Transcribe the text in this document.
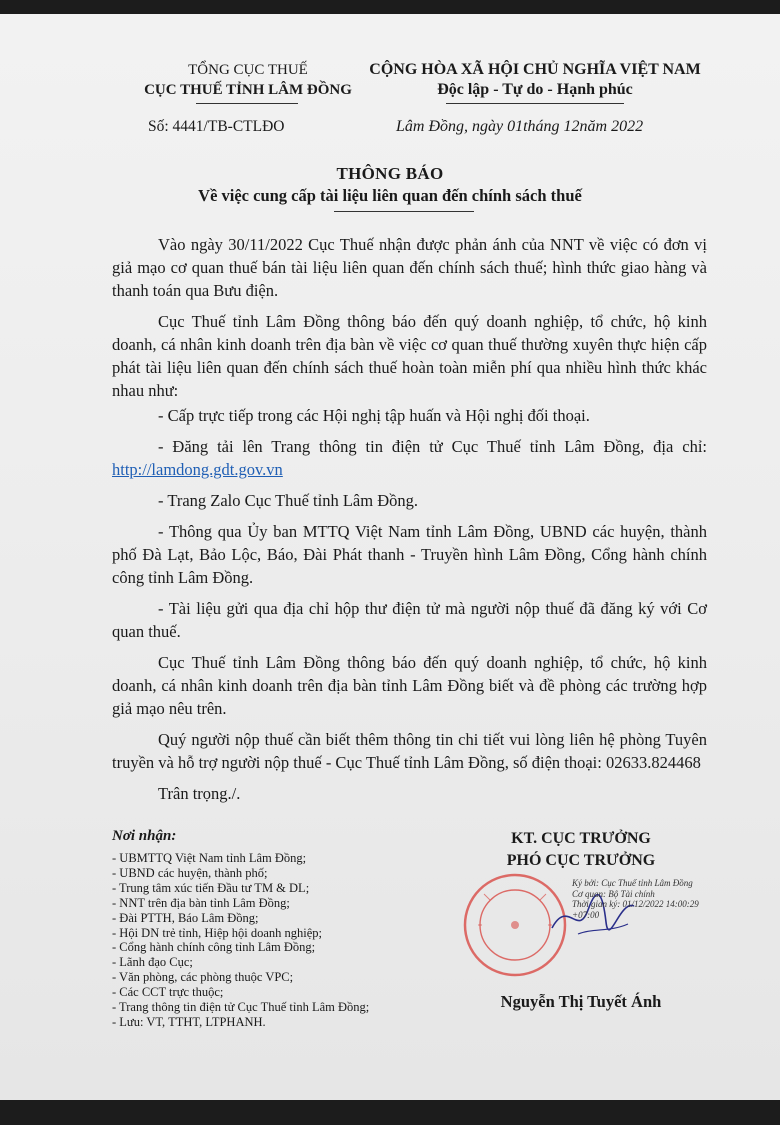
TỔNG CỤC THUẾ
CỤC THUẾ TỈNH LÂM ĐỒNG
CỘNG HÒA XÃ HỘI CHỦ NGHĨA VIỆT NAM
Độc lập - Tự do - Hạnh phúc
Số: 4441/TB-CTLĐO	Lâm Đồng, ngày 01tháng 12năm 2022
THÔNG BÁO
Về việc cung cấp tài liệu liên quan đến chính sách thuế

Vào ngày 30/11/2022 Cục Thuế nhận được phản ánh của NNT về việc có đơn vị giả mạo cơ quan thuế bán tài liệu liên quan đến chính sách thuế; hình thức giao hàng và thanh toán qua Bưu điện.

Cục Thuế tỉnh Lâm Đồng thông báo đến quý doanh nghiệp, tổ chức, hộ kinh doanh, cá nhân kinh doanh trên địa bàn về việc cơ quan thuế thường xuyên thực hiện cấp phát tài liệu liên quan đến chính sách thuế hoàn toàn miễn phí qua nhiều hình thức khác nhau như:

- Cấp trực tiếp trong các Hội nghị tập huấn và Hội nghị đối thoại.

- Đăng tải lên Trang thông tin điện tử Cục Thuế tỉnh Lâm Đồng, địa chỉ: http://lamdong.gdt.gov.vn

- Trang Zalo Cục Thuế tỉnh Lâm Đồng.

- Thông qua Ủy ban MTTQ Việt Nam tỉnh Lâm Đồng, UBND các huyện, thành phố Đà Lạt, Bảo Lộc, Báo, Đài Phát thanh - Truyền hình Lâm Đồng, Cổng hành chính công tỉnh Lâm Đồng.

- Tài liệu gửi qua địa chỉ hộp thư điện tử mà người nộp thuế đã đăng ký với Cơ quan thuế.

Cục Thuế tỉnh Lâm Đồng thông báo đến quý doanh nghiệp, tổ chức, hộ kinh doanh, cá nhân kinh doanh trên địa bàn tỉnh Lâm Đồng biết và đề phòng các trường hợp giả mạo nêu trên.

Quý người nộp thuế cần biết thêm thông tin chi tiết vui lòng liên hệ phòng Tuyên truyền và hỗ trợ người nộp thuế - Cục Thuế tỉnh Lâm Đồng, số điện thoại: 02633.824468

Trân trọng./.

Nơi nhận:
- UBMTTQ Việt Nam tỉnh Lâm Đồng;
- UBND các huyện, thành phố;
- Trung tâm xúc tiến Đầu tư TM & DL;
- NNT trên địa bàn tỉnh Lâm Đồng;
- Đài PTTH, Báo Lâm Đồng;
- Hội DN trẻ tỉnh, Hiệp hội doanh nghiệp;
- Cổng hành chính công tỉnh Lâm Đồng;
- Lãnh đạo Cục;
- Văn phòng, các phòng thuộc VPC;
- Các CCT trực thuộc;
- Trang thông tin điện tử Cục Thuế tỉnh Lâm Đồng;
- Lưu: VT, TTHT, LTPHANH.
KT. CỤC TRƯỞNG
PHÓ CỤC TRƯỞNG
Ký bởi: Cục Thuế tỉnh Lâm Đồng
Cơ quan: Bộ Tài chính
Thời gian ký: 01/12/2022 14:00:29
+07:00
Nguyễn Thị Tuyết Ánh
